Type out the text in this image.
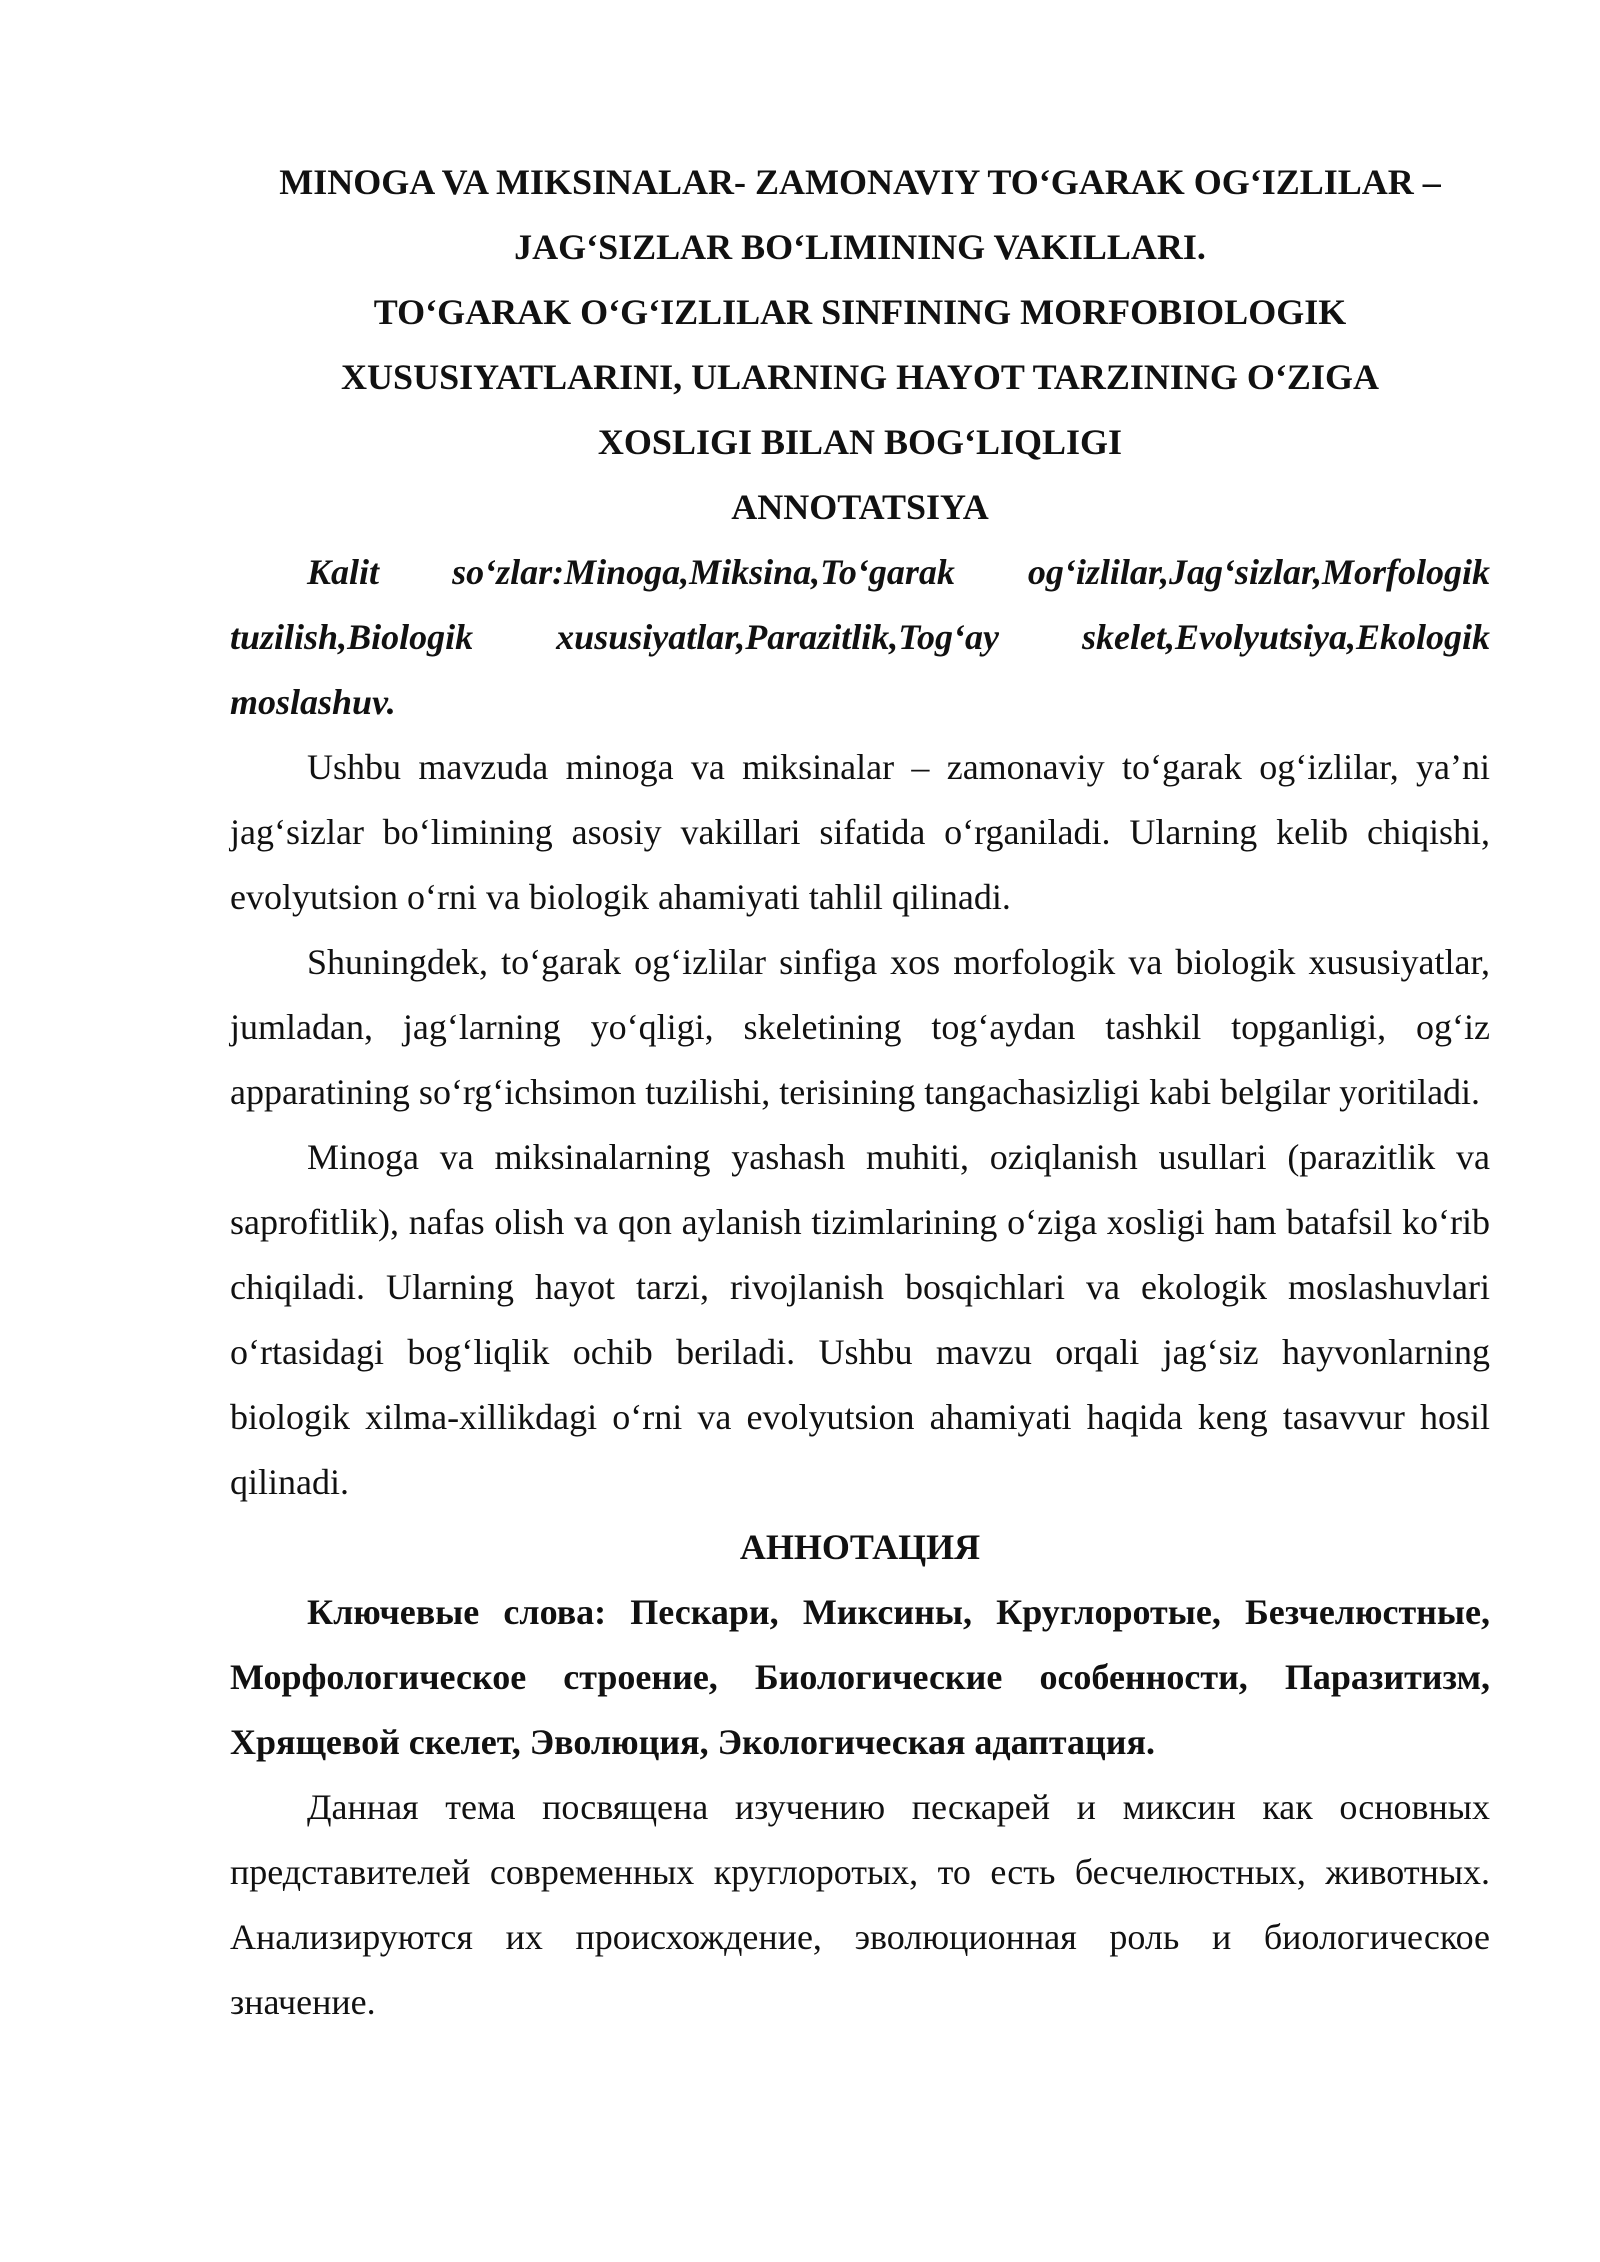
MINOGA VA MIKSINALAR- ZAMONAVIY TO‘GARAK OG‘IZLILAR –
JAG‘SIZLAR BO‘LIMINING VAKILLARI.
TO‘GARAK O‘G‘IZLILAR SINFINING MORFOBIOLOGIK
XUSUSIYATLARINI, ULARNING HAYOT TARZINING O‘ZIGA
XOSLIGI BILAN BOG‘LIQLIGI
ANNOTATSIYA

Kalit so‘zlar:Minoga,Miksina,To‘garak og‘izlilar,Jag‘sizlar,Morfologik tuzilish,Biologik xususiyatlar,Parazitlik,Tog‘ay skelet,Evolyutsiya,Ekologik moslashuv.

Ushbu mavzuda minoga va miksinalar – zamonaviy to‘garak og‘izlilar, ya’ni jag‘sizlar bo‘limining asosiy vakillari sifatida o‘rganiladi. Ularning kelib chiqishi, evolyutsion o‘rni va biologik ahamiyati tahlil qilinadi.

Shuningdek, to‘garak og‘izlilar sinfiga xos morfologik va biologik xususiyatlar, jumladan, jag‘larning yo‘qligi, skeletining tog‘aydan tashkil topganligi, og‘iz apparatining so‘rg‘ichsimon tuzilishi, terisining tangachasizligi kabi belgilar yoritiladi.

Minoga va miksinalarning yashash muhiti, oziqlanish usullari (parazitlik va saprofitlik), nafas olish va qon aylanish tizimlarining o‘ziga xosligi ham batafsil ko‘rib chiqiladi. Ularning hayot tarzi, rivojlanish bosqichlari va ekologik moslashuvlari o‘rtasidagi bog‘liqlik ochib beriladi. Ushbu mavzu orqali jag‘siz hayvonlarning biologik xilma-xillikdagi o‘rni va evolyutsion ahamiyati haqida keng tasavvur hosil qilinadi.

АННОТАЦИЯ

Ключевые слова: Пескари, Миксины, Круглоротые, Безчелюстные, Морфологическое строение, Биологические особенности, Паразитизм, Хрящевой скелет, Эволюция, Экологическая адаптация.

Данная тема посвящена изучению пескарей и миксин как основных представителей современных круглоротых, то есть бесчелюстных, животных. Анализируются их происхождение, эволюционная роль и биологическое значение.
